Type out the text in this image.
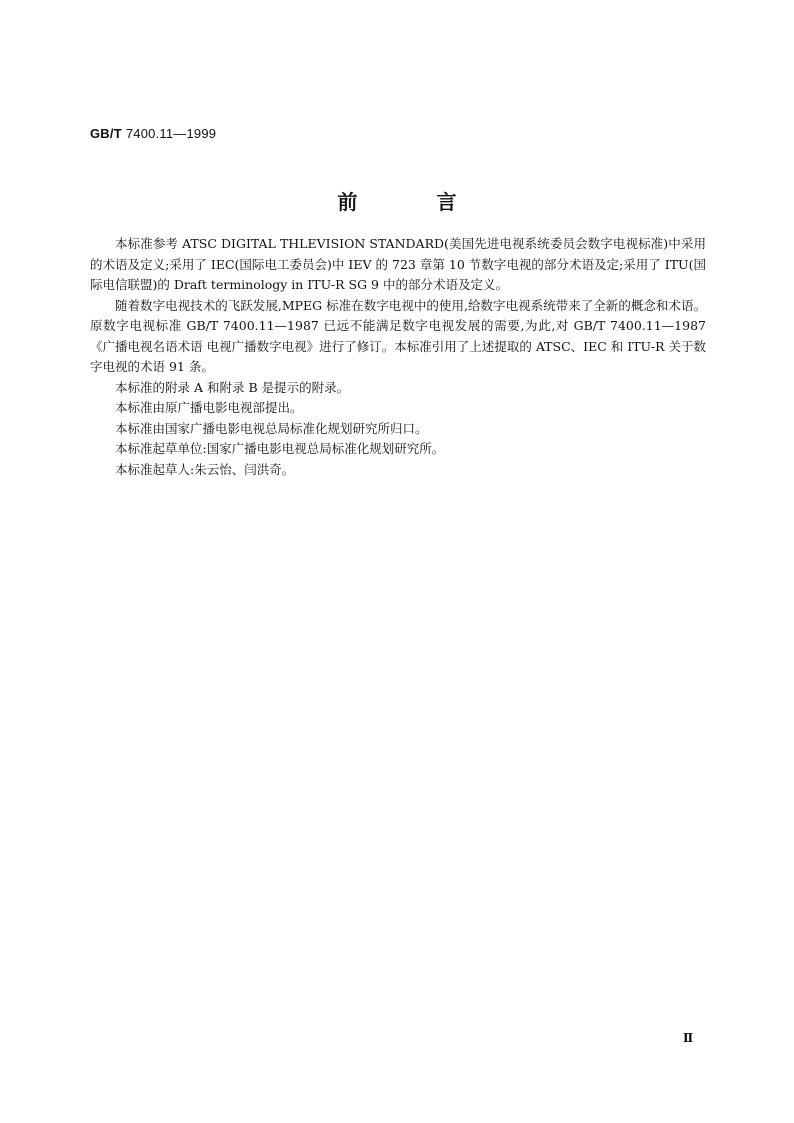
GB/T 7400.11—1999
前 言

本标准参考 ATSC DIGITAL THLEVISION STANDARD(美国先进电视系统委员会数字电视标准)中采用的术语及定义;采用了 IEC(国际电工委员会)中 IEV 的 723 章第 10 节数字电视的部分术语及定;采用了 ITU(国际电信联盟)的 Draft terminology in ITU-R SG 9 中的部分术语及定义。

随着数字电视技术的飞跃发展,MPEG 标准在数字电视中的使用,给数字电视系统带来了全新的概念和术语。原数字电视标准 GB/T 7400.11—1987 已远不能满足数字电视发展的需要,为此,对 GB/T 7400.11—1987《广播电视名语术语 电视广播数字电视》进行了修订。本标准引用了上述提取的 ATSC、IEC 和 ITU-R 关于数字电视的术语 91 条。

本标准的附录 A 和附录 B 是提示的附录。

本标准由原广播电影电视部提出。

本标准由国家广播电影电视总局标准化规划研究所归口。

本标准起草单位:国家广播电影电视总局标准化规划研究所。

本标准起草人:朱云怡、闫洪奇。

Ⅱ
